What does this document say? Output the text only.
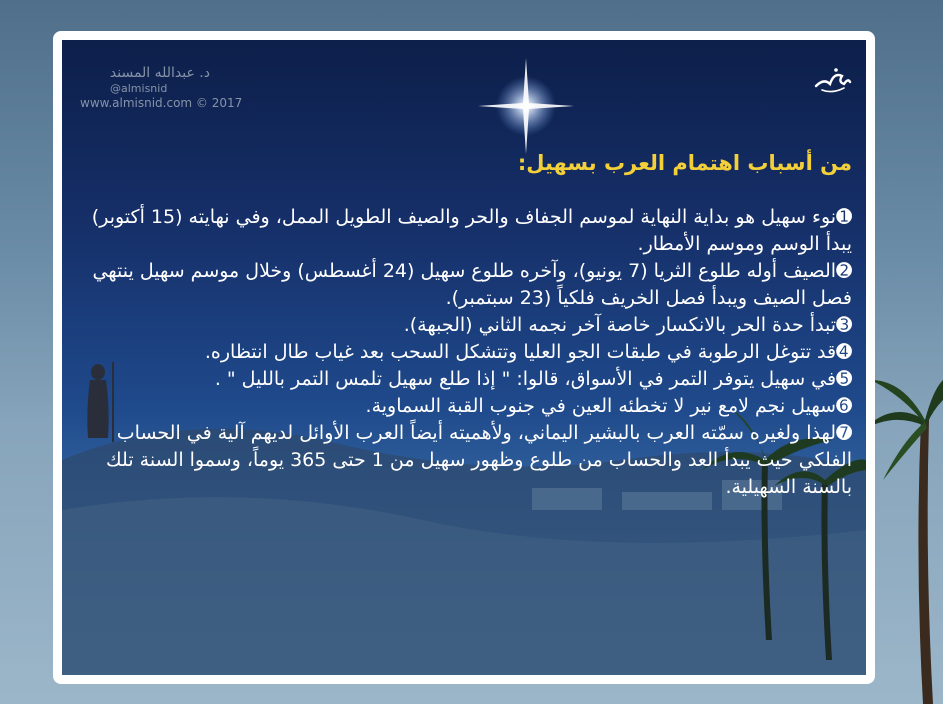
د. عبدالله المسند
@almisnid
www.almisnid.com © 2017

من أسباب اهتمام العرب بسهيل:

➊نوء سهيل هو بداية النهاية لموسم الجفاف والحر والصيف الطويل الممل، وفي نهايته (15 أكتوبر) يبدأ الوسم وموسم الأمطار.

➋الصيف أوله طلوع الثريا (7 يونيو)، وآخره طلوع سهيل (24 أغسطس) وخلال موسم سهيل ينتهي فصل الصيف ويبدأ فصل الخريف فلكياً (23 سبتمبر).

➌تبدأ حدة الحر بالانكسار خاصة آخر نجمه الثاني (الجبهة).

➍قد تتوغل الرطوبة في طبقات الجو العليا وتتشكل السحب بعد غياب طال انتظاره.

➎في سهيل يتوفر التمر في الأسواق، قالوا: " إذا طلع سهيل تلمس التمر بالليل " .

➏سهيل نجم لامع نير لا تخطئه العين في جنوب القبة السماوية.

➐لهذا ولغيره سمّته العرب بالبشير اليماني، ولأهميته أيضاً العرب الأوائل لديهم آلية في الحساب الفلكي حيث يبدأ العد والحساب من طلوع وظهور سهيل من 1 حتى 365 يوماً، وسموا السنة تلك بالسنة السهيلية.
